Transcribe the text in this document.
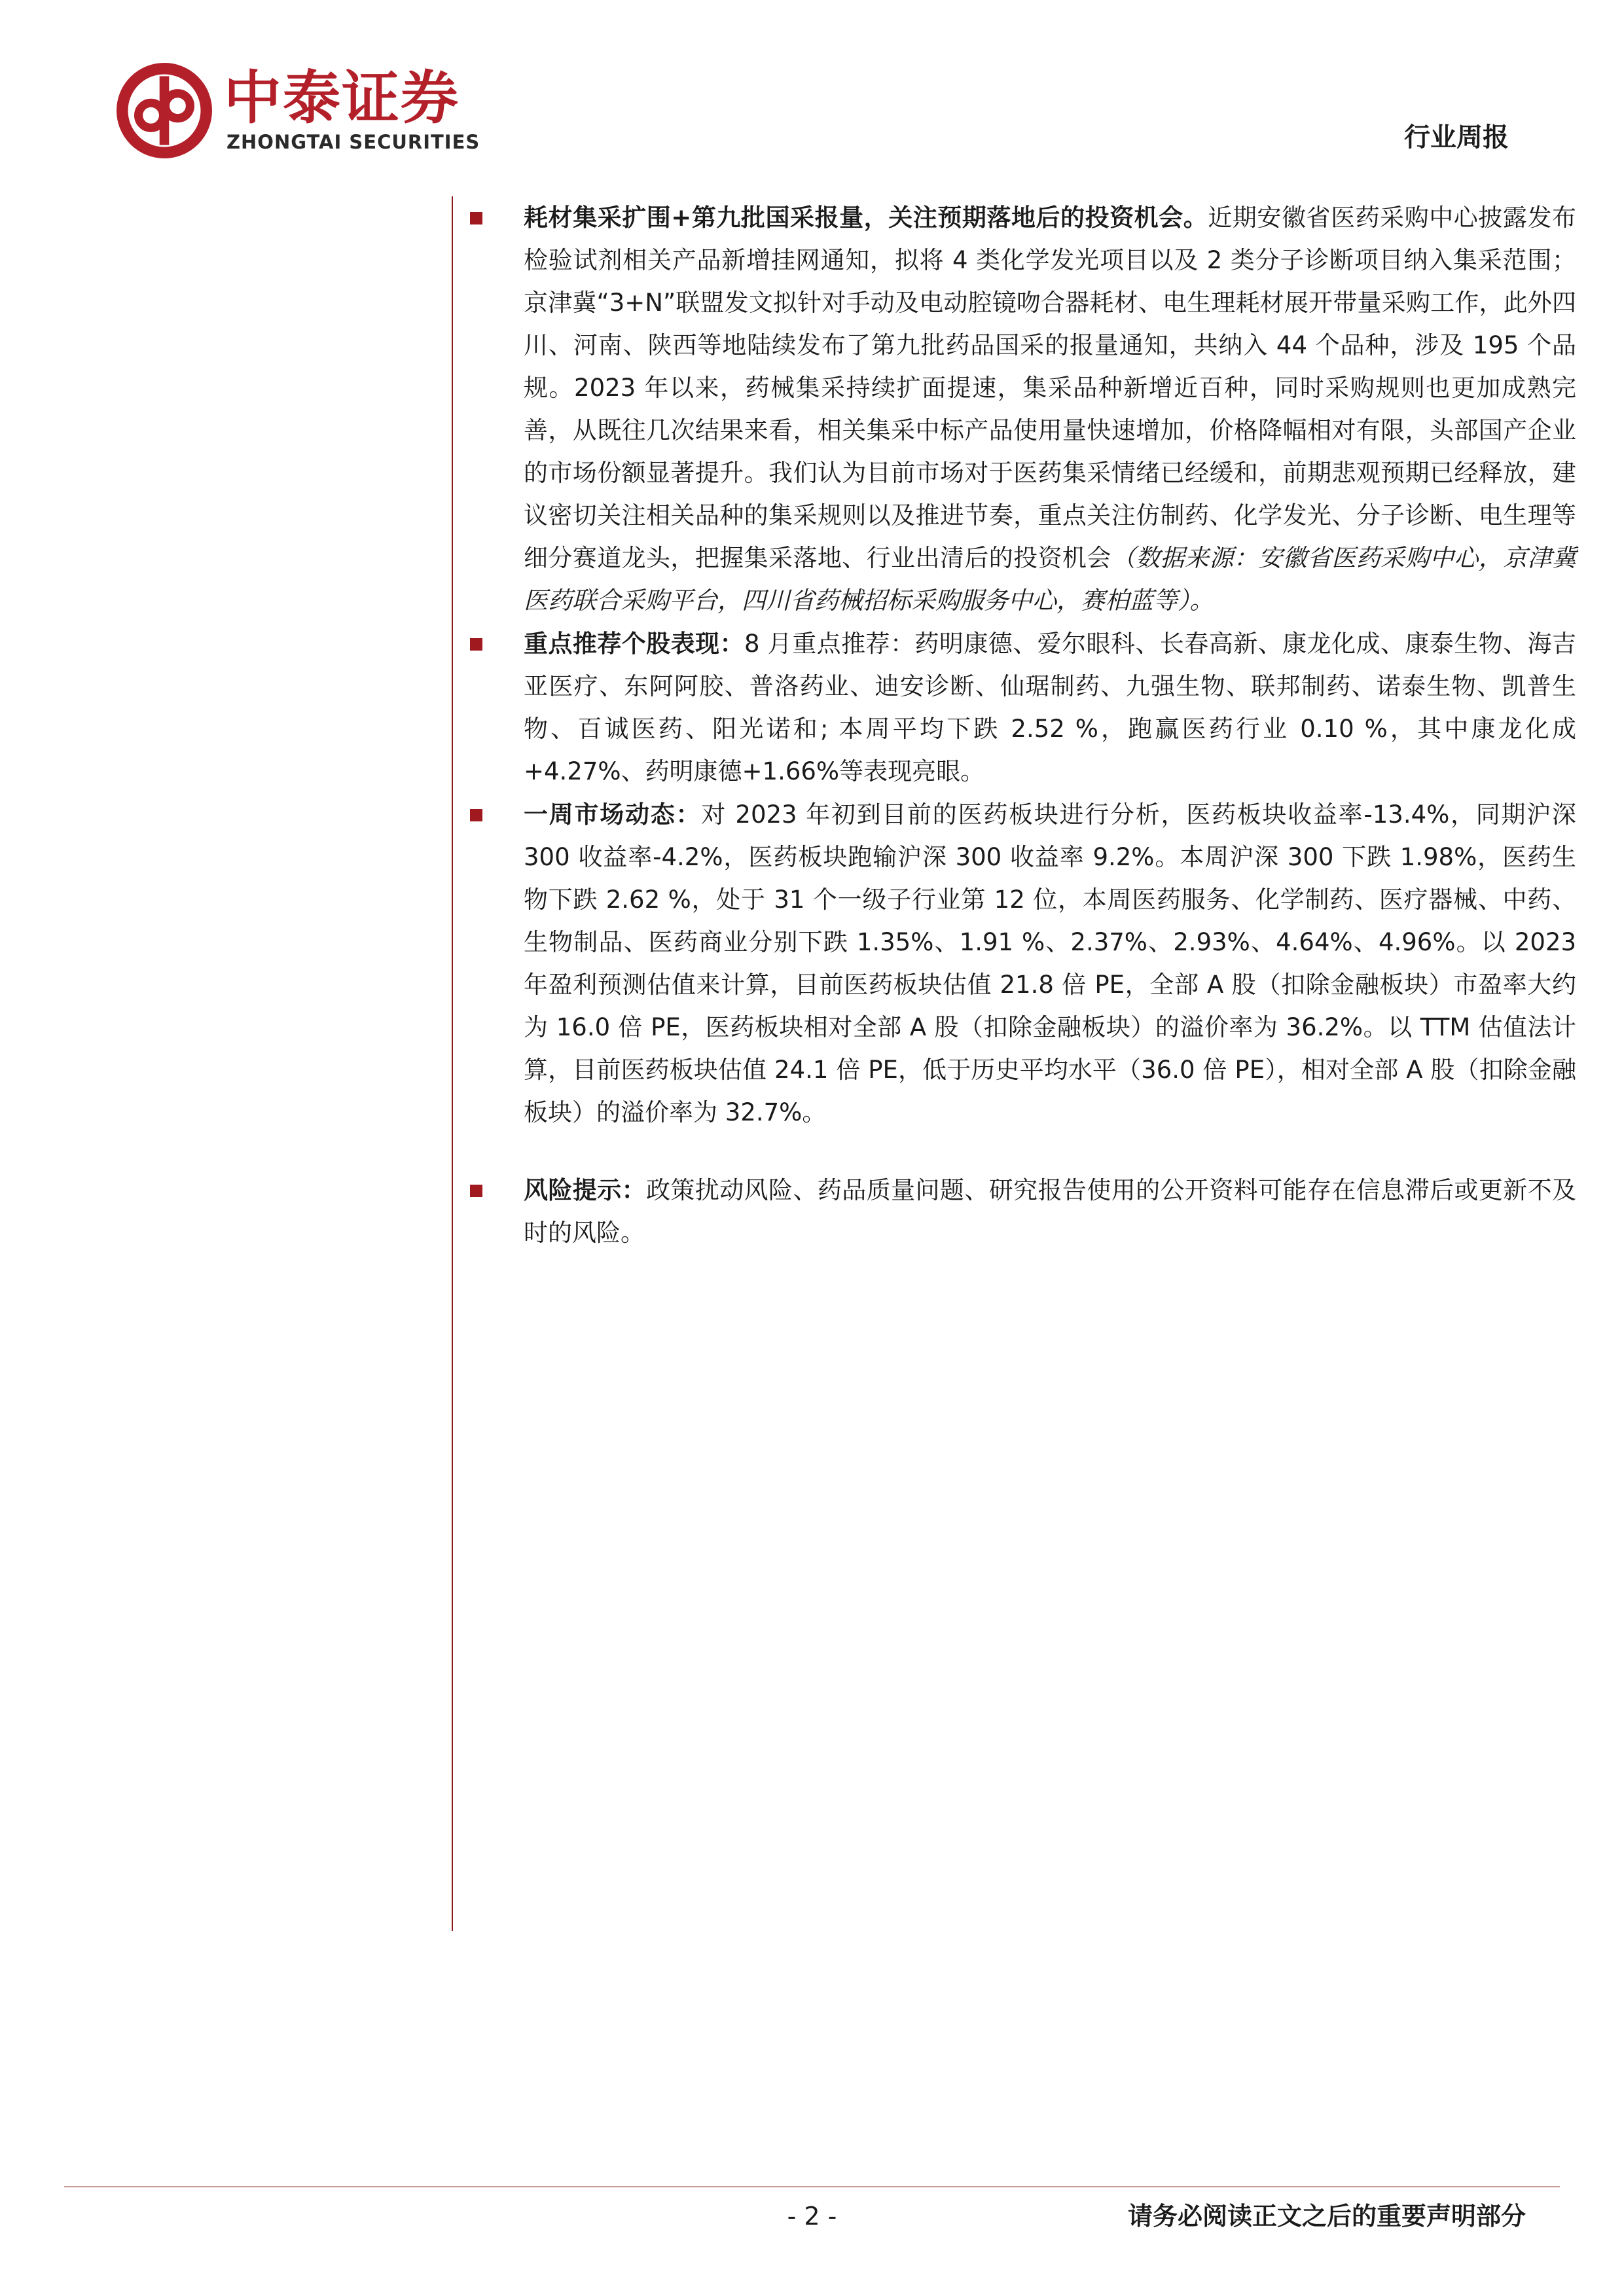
中泰证券
ZHONGTAI SECURITIES	行业周报

耗材集采扩围+第九批国采报量，关注预期落地后的投资机会。近期安徽省医药采购中心披露发布检验试剂相关产品新增挂网通知，拟将 4 类化学发光项目以及 2 类分子诊断项目纳入集采范围；京津冀“3+N”联盟发文拟针对手动及电动腔镜吻合器耗材、电生理耗材展开带量采购工作，此外四川、河南、陕西等地陆续发布了第九批药品国采的报量通知，共纳入 44 个品种，涉及 195 个品规。2023 年以来，药械集采持续扩面提速，集采品种新增近百种，同时采购规则也更加成熟完善，从既往几次结果来看，相关集采中标产品使用量快速增加，价格降幅相对有限，头部国产企业的市场份额显著提升。我们认为目前市场对于医药集采情绪已经缓和，前期悲观预期已经释放，建议密切关注相关品种的集采规则以及推进节奏，重点关注仿制药、化学发光、分子诊断、电生理等细分赛道龙头，把握集采落地、行业出清后的投资机会（数据来源：安徽省医药采购中心，京津冀医药联合采购平台，四川省药械招标采购服务中心，赛柏蓝等）。

重点推荐个股表现：8 月重点推荐：药明康德、爱尔眼科、长春高新、康龙化成、康泰生物、海吉亚医疗、东阿阿胶、普洛药业、迪安诊断、仙琚制药、九强生物、联邦制药、诺泰生物、凯普生物、百诚医药、阳光诺和; 本周平均下跌 2.52 %，跑赢医药行业 0.10 %，其中康龙化成+4.27%、药明康德+1.66%等表现亮眼。

一周市场动态：对 2023 年初到目前的医药板块进行分析，医药板块收益率-13.4%，同期沪深 300 收益率-4.2%，医药板块跑输沪深 300 收益率 9.2%。本周沪深 300 下跌 1.98%，医药生物下跌 2.62 %，处于 31 个一级子行业第 12 位，本周医药服务、化学制药、医疗器械、中药、生物制品、医药商业分别下跌 1.35%、1.91 %、2.37%、2.93%、4.64%、4.96%。以 2023 年盈利预测估值来计算，目前医药板块估值 21.8 倍 PE，全部 A 股（扣除金融板块）市盈率大约为 16.0 倍 PE，医药板块相对全部 A 股（扣除金融板块）的溢价率为 36.2%。以 TTM 估值法计算，目前医药板块估值 24.1 倍 PE，低于历史平均水平（36.0 倍 PE），相对全部 A 股（扣除金融板块）的溢价率为 32.7%。

风险提示：政策扰动风险、药品质量问题、研究报告使用的公开资料可能存在信息滞后或更新不及时的风险。

- 2 -	请务必阅读正文之后的重要声明部分
